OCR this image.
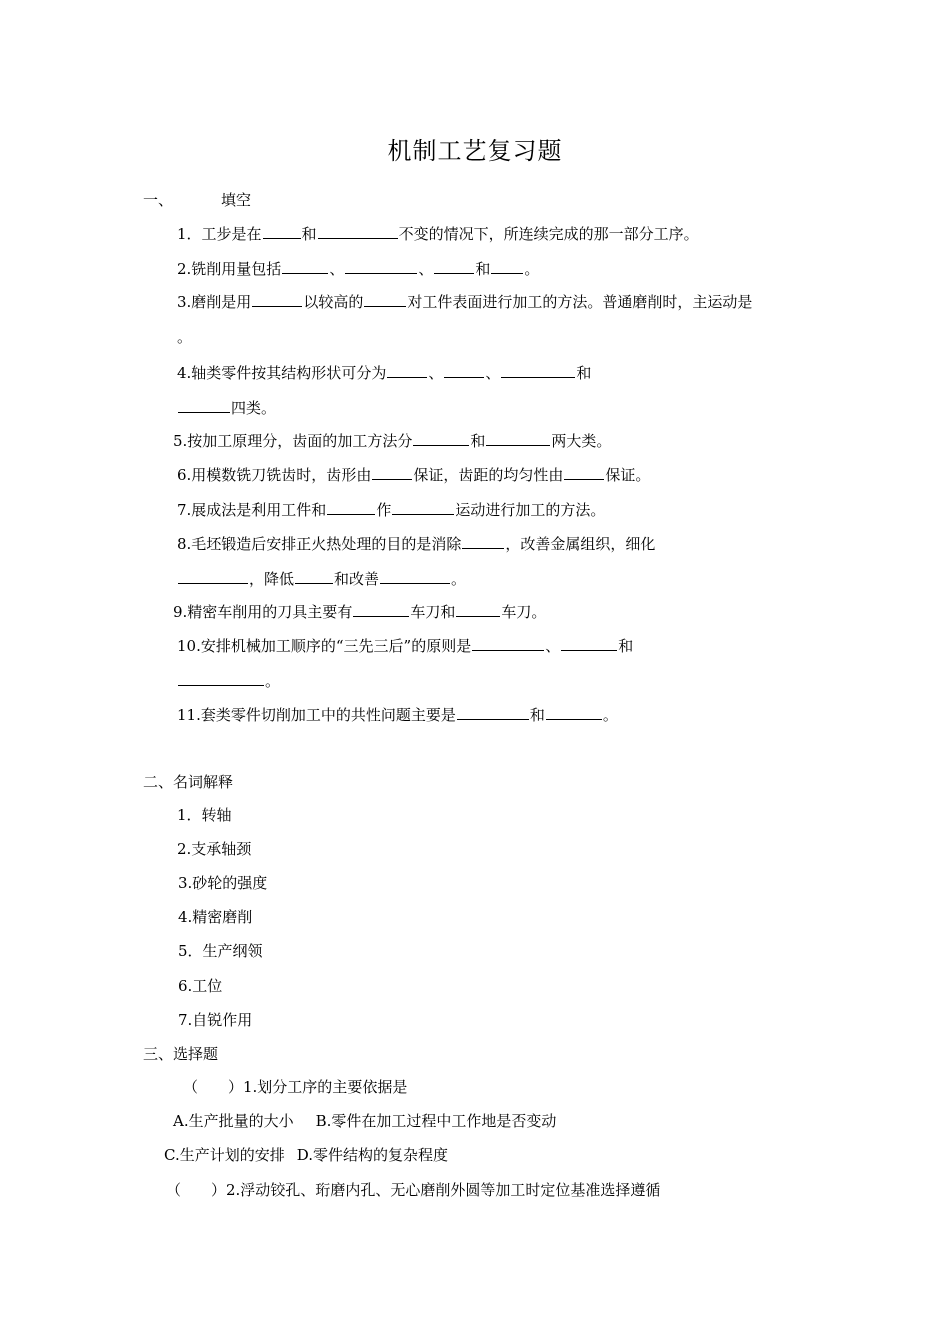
机制工艺复习题
一、	填空
1．工步是在	和	不变的情况下，所连续完成的那一部分工序。
2.铣削用量包括	、	、	和 。
3.磨削是用	以较高的	对工件表面进行加工的方法。普通磨削时，主运动是
。
4.轴类零件按其结构形状可分为	、	、	和
四类。
5.按加工原理分，齿面的加工方法分	和	两大类。
6.用模数铣刀铣齿时，齿形由	保证，齿距的均匀性由	保证。
7.展成法是利用工件和	作	运动进行加工的方法。
8.毛坯锻造后安排正火热处理的目的是消除	，改善金属组织，细化
，降低	和改善	。
9.精密车削用的刀具主要有	车刀和	车刀。
10.安排机械加工顺序的“三先三后”的原则是	、	和
。
11.套类零件切削加工中的共性问题主要是	和	。
二、名词解释
1．转轴
2.支承轴颈
3.砂轮的强度
4.精密磨削
5．生产纲领
6.工位
7.自锐作用
三、选择题
（　　）1.划分工序的主要依据是
A.生产批量的大小 B.零件在加工过程中工作地是否变动
C.生产计划的安排 D.零件结构的复杂程度
（　　）2.浮动铰孔、珩磨内孔、无心磨削外圆等加工时定位基准选择遵循
